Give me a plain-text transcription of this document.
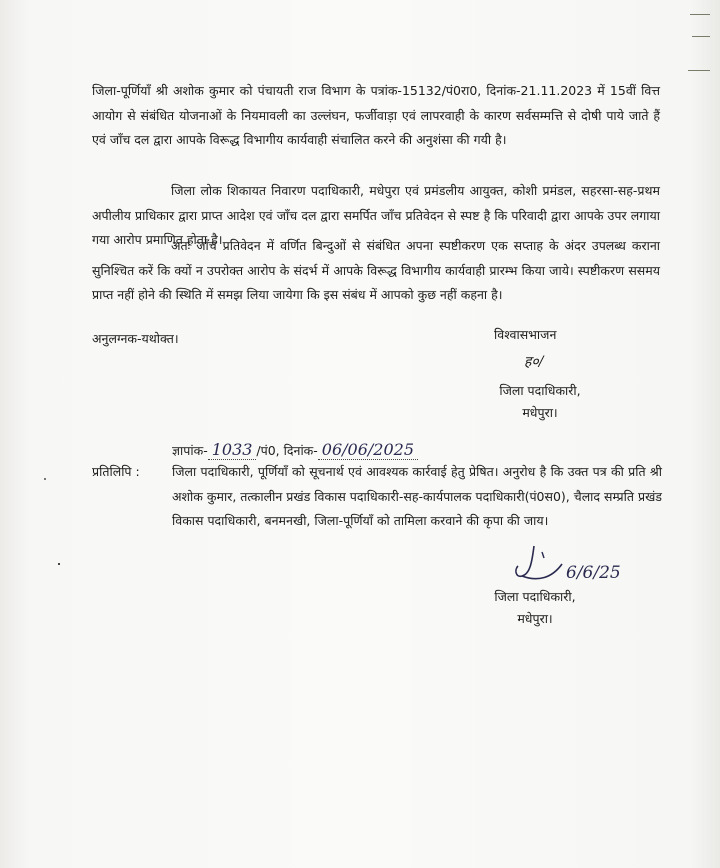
जिला-पूर्णियाँ श्री अशोक कुमार को पंचायती राज विभाग के पत्रांक-15132/पं0रा0, दिनांक-21.11.2023 में 15वीं वित्त आयोग से संबंधित योजनाओं के नियमावली का उल्लंघन, फर्जीवाड़ा एवं लापरवाही के कारण सर्वसम्मत्ति से दोषी पाये जाते हैं एवं जाँच दल द्वारा आपके विरूद्ध विभागीय कार्यवाही संचालित करने की अनुशंसा की गयी है।

जिला लोक शिकायत निवारण पदाधिकारी, मधेपुरा एवं प्रमंडलीय आयुक्त, कोशी प्रमंडल, सहरसा-सह-प्रथम अपीलीय प्राधिकार द्वारा प्राप्त आदेश एवं जाँच दल द्वारा समर्पित जाँच प्रतिवेदन से स्पष्ट है कि परिवादी द्वारा आपके उपर लगाया गया आरोप प्रमाणित होता है।

अतः जाँच प्रतिवेदन में वर्णित बिन्दुओं से संबंधित अपना स्पष्टीकरण एक सप्ताह के अंदर उपलब्ध कराना सुनिश्चित करें कि क्यों न उपरोक्त आरोप के संदर्भ में आपके विरूद्ध विभागीय कार्यवाही प्रारम्भ किया जाये। स्पष्टीकरण ससमय प्राप्त नहीं होने की स्थिति में समझ लिया जायेगा कि इस संबंध में आपको कुछ नहीं कहना है।

अनुलग्नक-यथोक्त।	विश्वासभाजन
ह०/
जिला पदाधिकारी,
मधेपुरा।
ज्ञापांक- 1033 /पं0, दिनांक- 06/06/2025
प्रतिलिपि :	जिला पदाधिकारी, पूर्णियाँ को सूचनार्थ एवं आवश्यक कार्रवाई हेतु प्रेषित। अनुरोध है कि उक्त पत्र की प्रति श्री अशोक कुमार, तत्कालीन प्रखंड विकास पदाधिकारी-सह-कार्यपालक पदाधिकारी(पं0स0), चैलाद सम्प्रति प्रखंड विकास पदाधिकारी, बनमनखी, जिला-पूर्णियाँ को तामिला करवाने की कृपा की जाय।

6/6/25
जिला पदाधिकारी,
मधेपुरा।
